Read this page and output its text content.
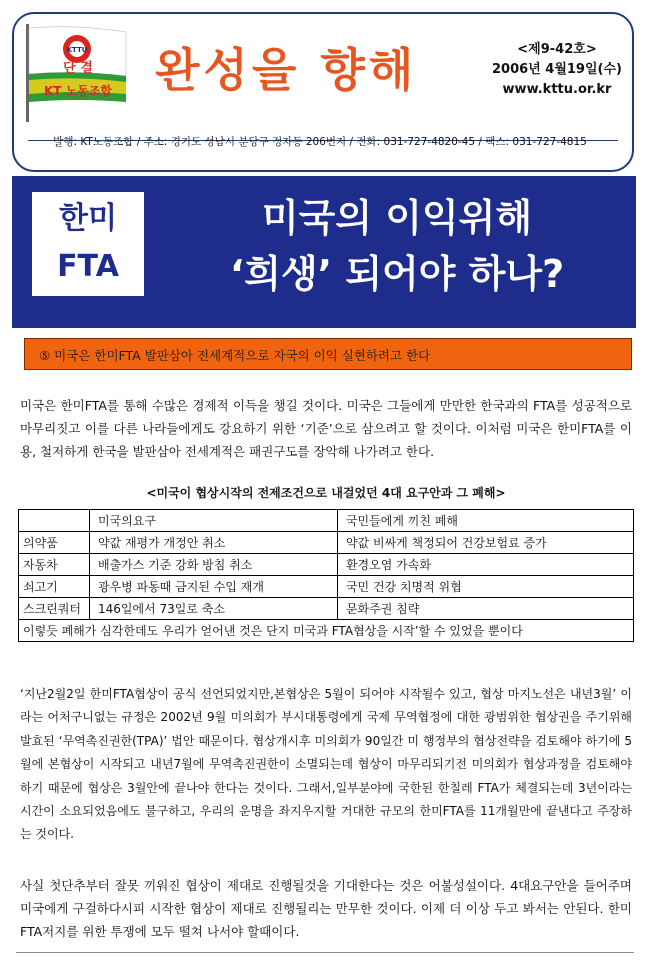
KTTU
단 결
KT 노동조합 완성을 향해	<제9-42호>
2006년 4월19일(수)
www.kttu.or.kr
발행: KT노동조합 / 주소: 경기도 성남시 분당구 정자동 206번지 / 전화: 031-727-4820-45 / 팩스: 031-727-4815
한미
FTA
미국의 이익위해
‘희생’ 되어야 하나?
⑤ 미국은 한미FTA 발판삼아 전세계적으로 자국의 이익 실현하려고 한다
미국은 한미FTA를 통해 수많은 경제적 이득을 챙길 것이다. 미국은 그들에게 만만한 한국과의 FTA를 성공적으로 마무리짓고 이를 다른 나라들에게도 강요하기 위한 ‘기준’으로 삼으려고 할 것이다. 이처럼 미국은 한미FTA를 이용, 철저하게 한국을 발판삼아 전세계적은 패권구도를 장악해 나가려고 한다.
<미국이 협상시작의 전제조건으로 내걸었던 4대 요구안과 그 폐해>
	미국의요구	국민들에게 끼친 폐해
의약품	약값 재평가 개정안 취소	약값 비싸게 책정되어 건강보험료 증가
자동차	배출가스 기준 강화 방침 취소	환경오염 가속화
쇠고기	광우병 파동때 금지된 수입 재개	국민 건강 치명적 위협
스크린쿼터	146일에서 73일로 축소	문화주권 침략
이렇듯 폐해가 심각한데도 우리가 얻어낸 것은 단지 미국과 FTA협상을 시작’할 수 있었을 뿐이다		
‘지난2월2일 한미FTA협상이 공식 선언되었지만,본협상은 5월이 되어야 시작될수 있고, 협상 마지노선은 내년3월’ 이라는 어처구니없는 규정은 2002년 9월 미의회가 부시대통령에게 국제 무역협정에 대한 광범위한 협상권을 주기위해 발효된 ‘무역촉진권한(TPA)’ 법안 때문이다. 협상개시후 미의회가 90일간 미 행정부의 협상전략을 검토해야 하기에 5월에 본협상이 시작되고 내년7월에 무역촉진권한이 소멸되는데 협상이 마무리되기전 미의회가 협상과정을 검토해야 하기 때문에 협상은 3월안에 끝나야 한다는 것이다. 그래서,일부분야에 국한된 한칠레 FTA가 체결되는데 3년이라는 시간이 소요되었음에도 불구하고, 우리의 운명을 좌지우지할 거대한 규모의 한미FTA를 11개월만에 끝낸다고 주장하는 것이다.
사실 첫단추부터 잘못 끼워진 협상이 제대로 진행될것을 기대한다는 것은 어불성설이다. 4대요구안을 들어주며 미국에게 구걸하다시피 시작한 협상이 제대로 진행될리는 만무한 것이다. 이제 더 이상 두고 봐서는 안된다. 한미FTA저지를 위한 투쟁에 모두 떨쳐 나서야 할때이다.
